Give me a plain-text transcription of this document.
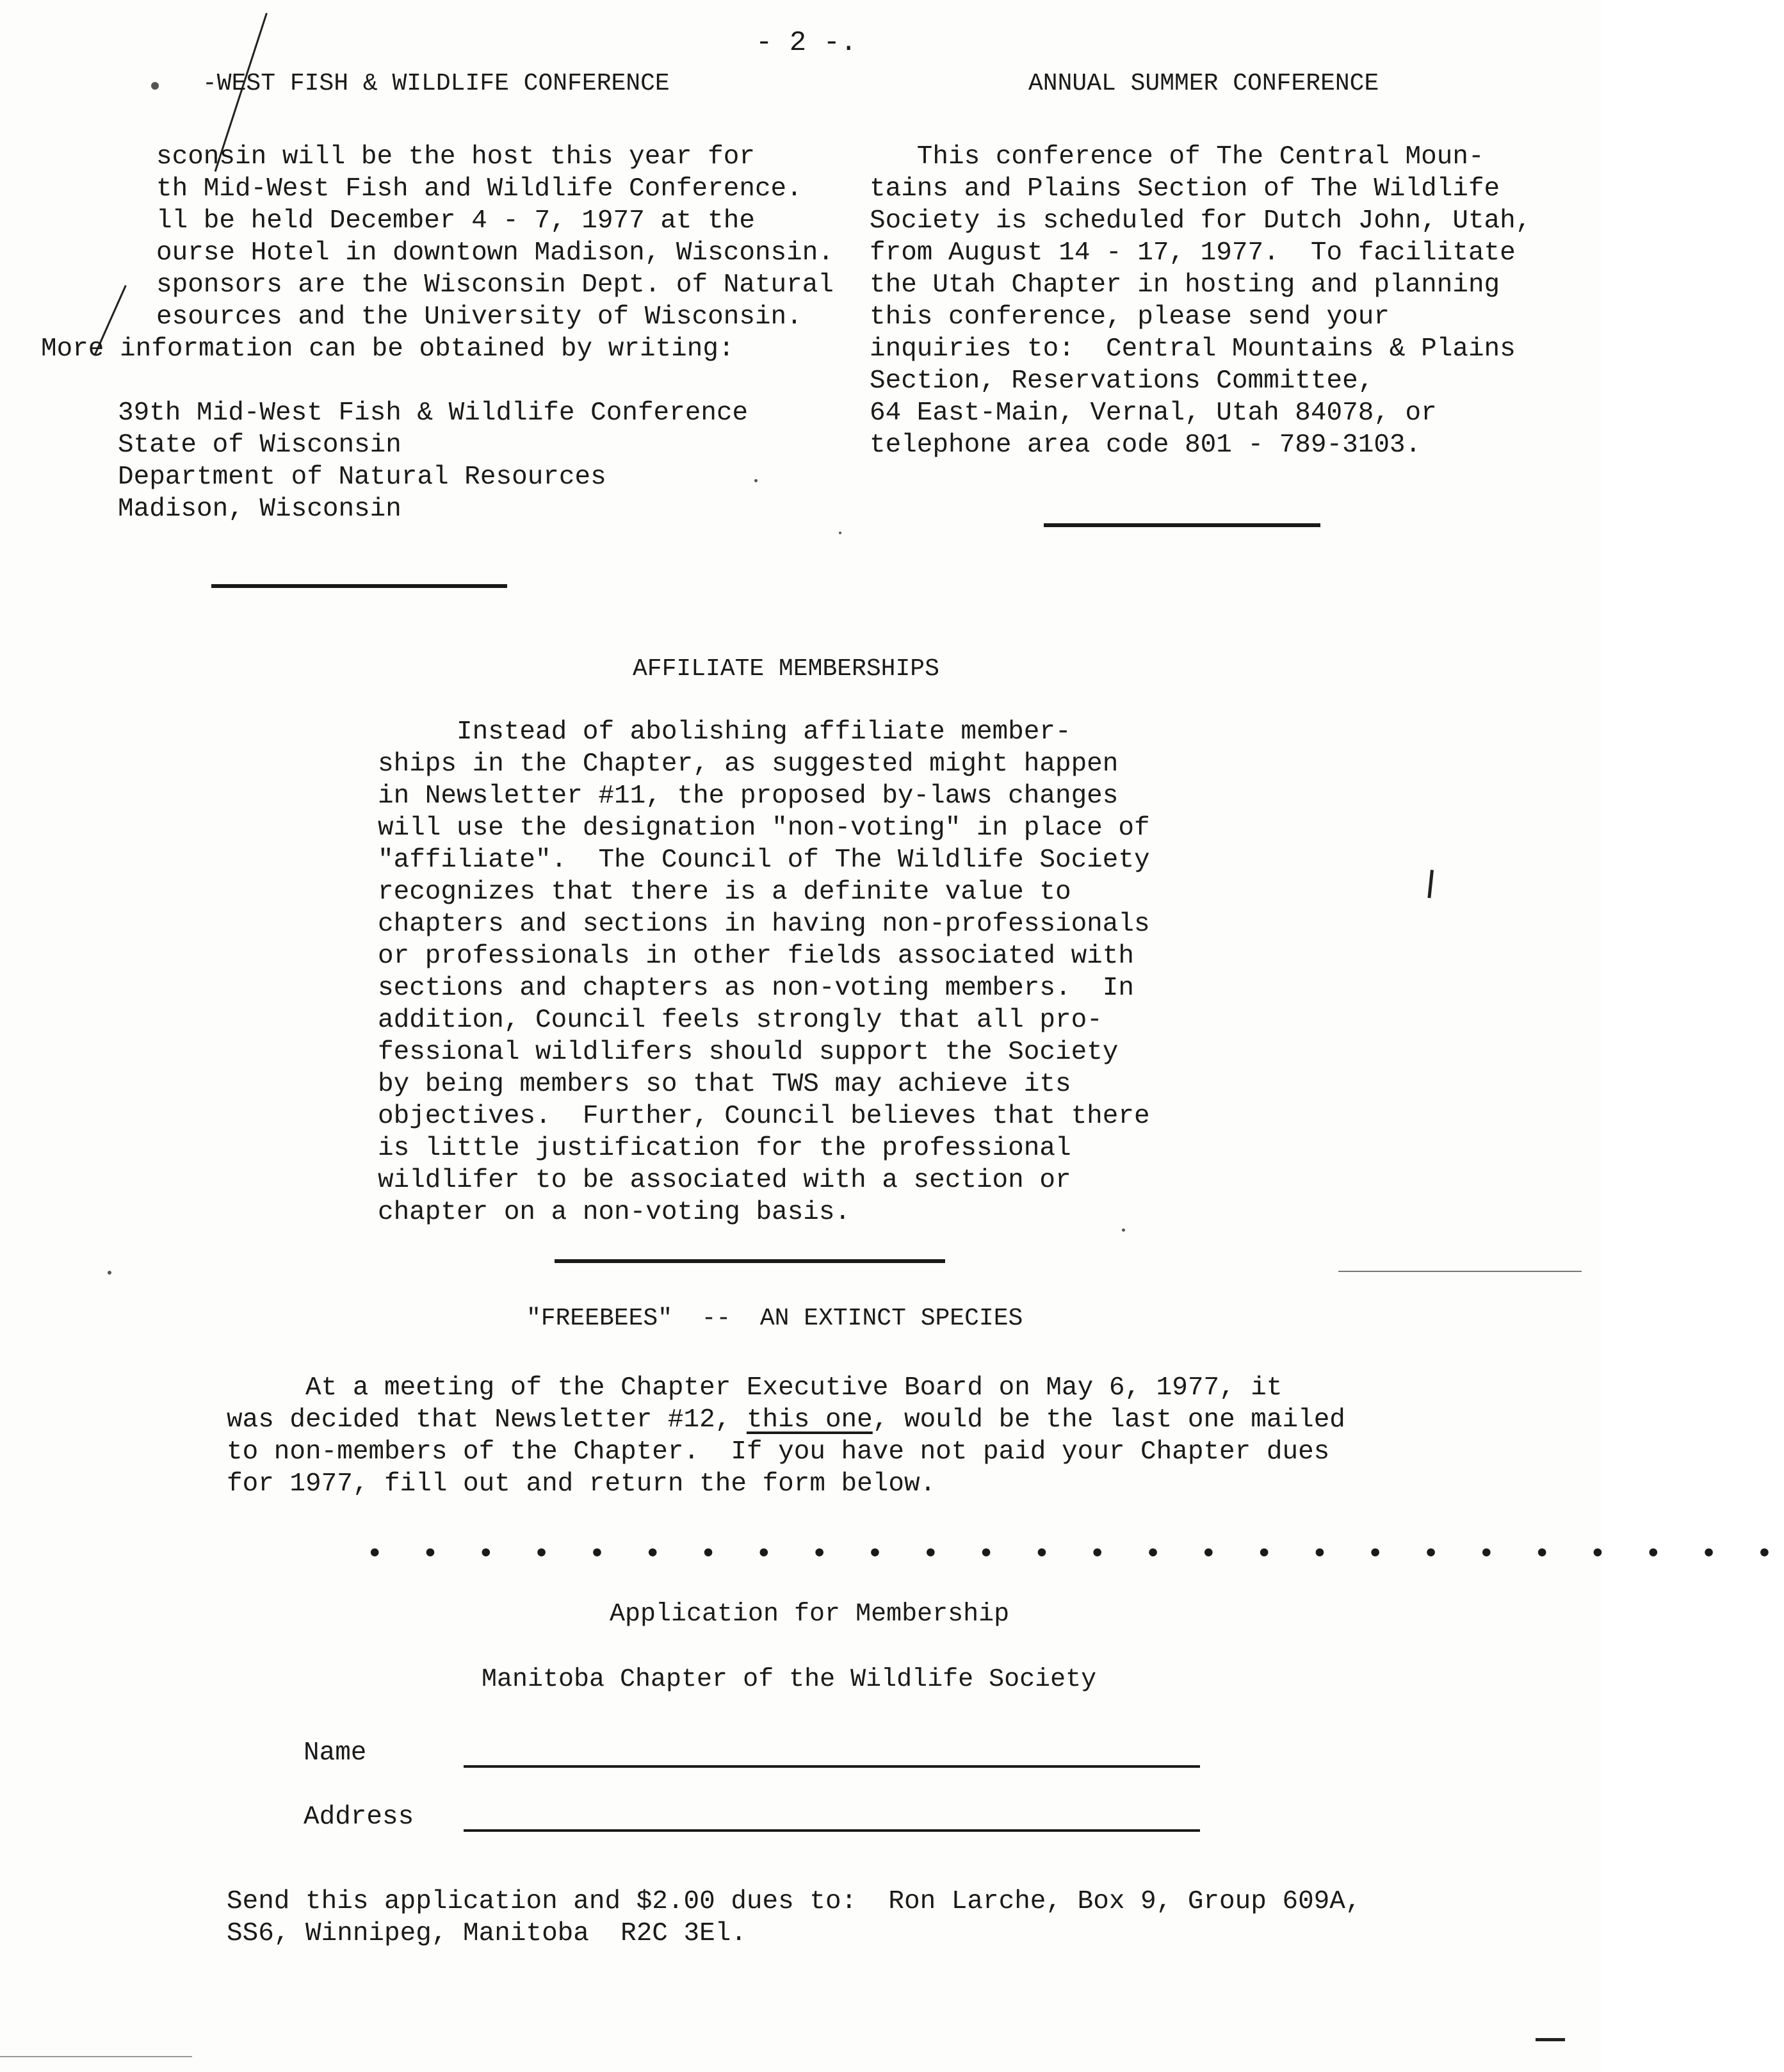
- 2 -.
-WEST FISH & WILDLIFE CONFERENCE
sconsin will be the host this year for
th Mid-West Fish and Wildlife Conference.
ll be held December 4 - 7, 1977 at the
ourse Hotel in downtown Madison, Wisconsin.
sponsors are the Wisconsin Dept. of Natural
esources and the University of Wisconsin.
More information can be obtained by writing:
39th Mid-West Fish & Wildlife Conference
State of Wisconsin
Department of Natural Resources
Madison, Wisconsin
ANNUAL SUMMER CONFERENCE
This conference of The Central Moun-
tains and Plains Section of The Wildlife
Society is scheduled for Dutch John, Utah,
from August 14 - 17, 1977.  To facilitate
the Utah Chapter in hosting and planning
this conference, please send your
inquiries to:  Central Mountains & Plains
Section, Reservations Committee,
64 East-Main, Vernal, Utah 84078, or
telephone area code 801 - 789-3103.
AFFILIATE MEMBERSHIPS
Instead of abolishing affiliate member-
ships in the Chapter, as suggested might happen
in Newsletter #11, the proposed by-laws changes
will use the designation "non-voting" in place of
"affiliate".  The Council of The Wildlife Society
recognizes that there is a definite value to
chapters and sections in having non-professionals
or professionals in other fields associated with
sections and chapters as non-voting members.  In
addition, Council feels strongly that all pro-
fessional wildlifers should support the Society
by being members so that TWS may achieve its
objectives.  Further, Council believes that there
is little justification for the professional
wildlifer to be associated with a section or
chapter on a non-voting basis.
"FREEBEES"  --  AN EXTINCT SPECIES
At a meeting of the Chapter Executive Board on May 6, 1977, it
was decided that Newsletter #12, this one, would be the last one mailed
to non-members of the Chapter.  If you have not paid your Chapter dues
for 1977, fill out and return the form below.
• • • • • • • • • • • • • • • • • • • • • • • • • •
Application for Membership
Manitoba Chapter of the Wildlife Society
Name
Address
Send this application and $2.00 dues to:  Ron Larche, Box 9, Group 609A,
SS6, Winnipeg, Manitoba  R2C 3El.
